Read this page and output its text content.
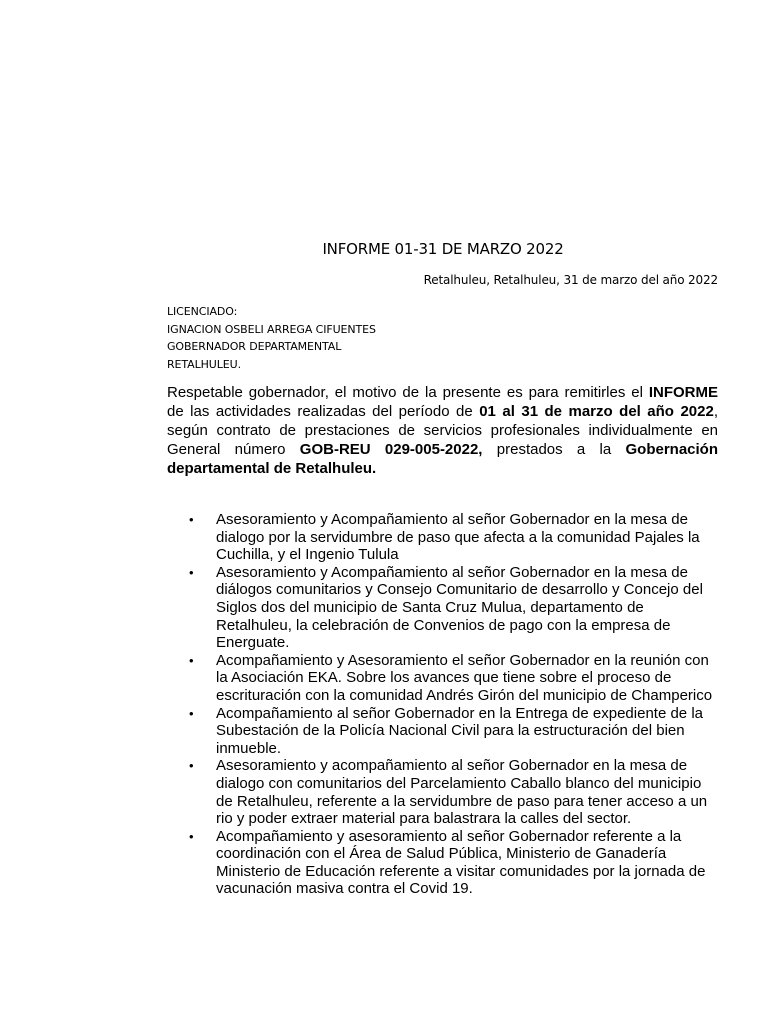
INFORME 01-31 DE MARZO 2022
Retalhuleu, Retalhuleu, 31 de marzo del año 2022
LICENCIADO:
IGNACION OSBELI ARREGA CIFUENTES
GOBERNADOR DEPARTAMENTAL
RETALHULEU.

Respetable gobernador, el motivo de la presente es para remitirles el INFORME de las actividades realizadas del período de 01 al 31 de marzo del año 2022, según contrato de prestaciones de servicios profesionales individualmente en General número GOB-REU 029-005-2022, prestados a la Gobernación departamental de Retalhuleu.

• Asesoramiento y Acompañamiento al señor Gobernador en la mesa de dialogo por la servidumbre de paso que afecta a la comunidad Pajales la Cuchilla, y el Ingenio Tulula
• Asesoramiento y Acompañamiento al señor Gobernador en la mesa de diálogos comunitarios y Consejo Comunitario de desarrollo y Concejo del Siglos dos del municipio de Santa Cruz Mulua, departamento de Retalhuleu, la celebración de Convenios de pago con la empresa de Energuate.
• Acompañamiento y Asesoramiento el señor Gobernador en la reunión con la Asociación EKA. Sobre los avances que tiene sobre el proceso de escrituración con la comunidad Andrés Girón del municipio de Champerico
• Acompañamiento al señor Gobernador en la Entrega de expediente de la Subestación de la Policía Nacional Civil para la estructuración del bien inmueble.
• Asesoramiento y acompañamiento al señor Gobernador en la mesa de dialogo con comunitarios del Parcelamiento Caballo blanco del municipio de Retalhuleu, referente a la servidumbre de paso para tener acceso a un rio y poder extraer material para balastrara la calles del sector.
• Acompañamiento y asesoramiento al señor Gobernador referente a la coordinación con el Área de Salud Pública, Ministerio de Ganadería Ministerio de Educación referente a visitar comunidades por la jornada de vacunación masiva contra el Covid 19.
